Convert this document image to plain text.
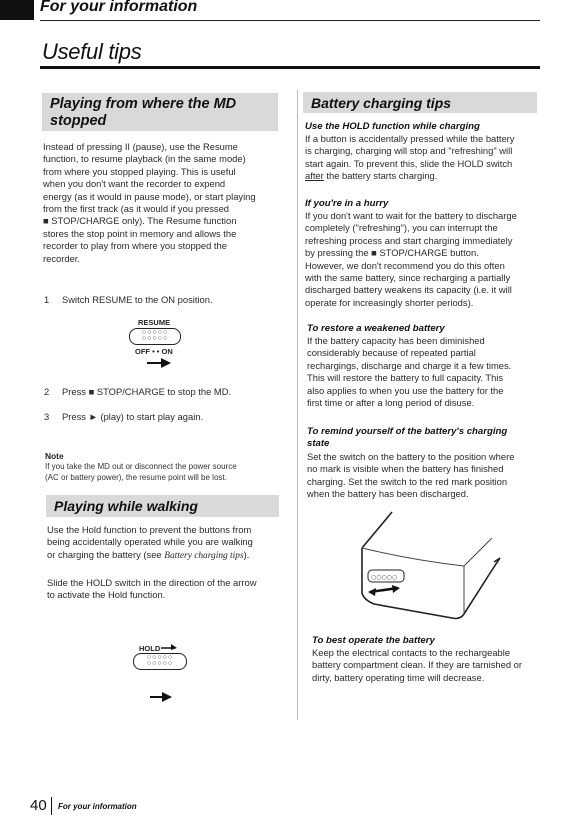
For your information
Useful tips
Playing from where the MD
stopped

Instead of pressing II (pause), use the Resume

function, to resume playback (in the same mode)

from where you stopped playing. This is useful

when you don't want the recorder to expend

energy (as it would in pause mode), or start playing

from the first track (as it would if you pressed

■ STOP/CHARGE only). The Resume function

stores the stop point in memory and allows the

recorder to play from where you stopped the

recorder.

1 Switch RESUME to the ON position.
RESUME
○○○○○
○○○○○
OFF • • ON
2 Press ■ STOP/CHARGE to stop the MD.
3 Press ► (play) to start play again.
Note

If you take the MD out or disconnect the power source

(AC or battery power), the resume point will be lost.

Playing while walking

Use the Hold function to prevent the buttons from

being accidentally operated while you are walking

or charging the battery (see Battery charging tips).

Slide the HOLD switch in the direction of the arrow

to activate the Hold function.

HOLD
○○○○○
○○○○○
Battery charging tips
Use the HOLD function while charging

If a button is accidentally pressed while the battery

is charging, charging will stop and "refreshing" will

start again. To prevent this, slide the HOLD switch

after the battery starts charging.

If you're in a hurry

If you don't want to wait for the battery to discharge

completely ("refreshing"), you can interrupt the

refreshing process and start charging immediately

by pressing the ■ STOP/CHARGE button.

However, we don't recommend you do this often

with the same battery, since recharging a partially

discharged battery weakens its capacity (i.e. it will

operate for increasingly shorter periods).

To restore a weakened battery

If the battery capacity has been diminished

considerably because of repeated partial

rechargings, discharge and charge it a few times.

This will restore the battery to full capacity. This

also applies to when you use the battery for the

first time or after a long period of disuse.

To remind yourself of the battery's charging

state

Set the switch on the battery to the position where

no mark is visible when the battery has finished

charging. Set the switch to the red mark position

when the battery has been discharged.

○○○○○
To best operate the battery

Keep the electrical contacts to the rechargeable

battery compartment clean. If they are tarnished or

dirty, battery operating time will decrease.

40 For your information
